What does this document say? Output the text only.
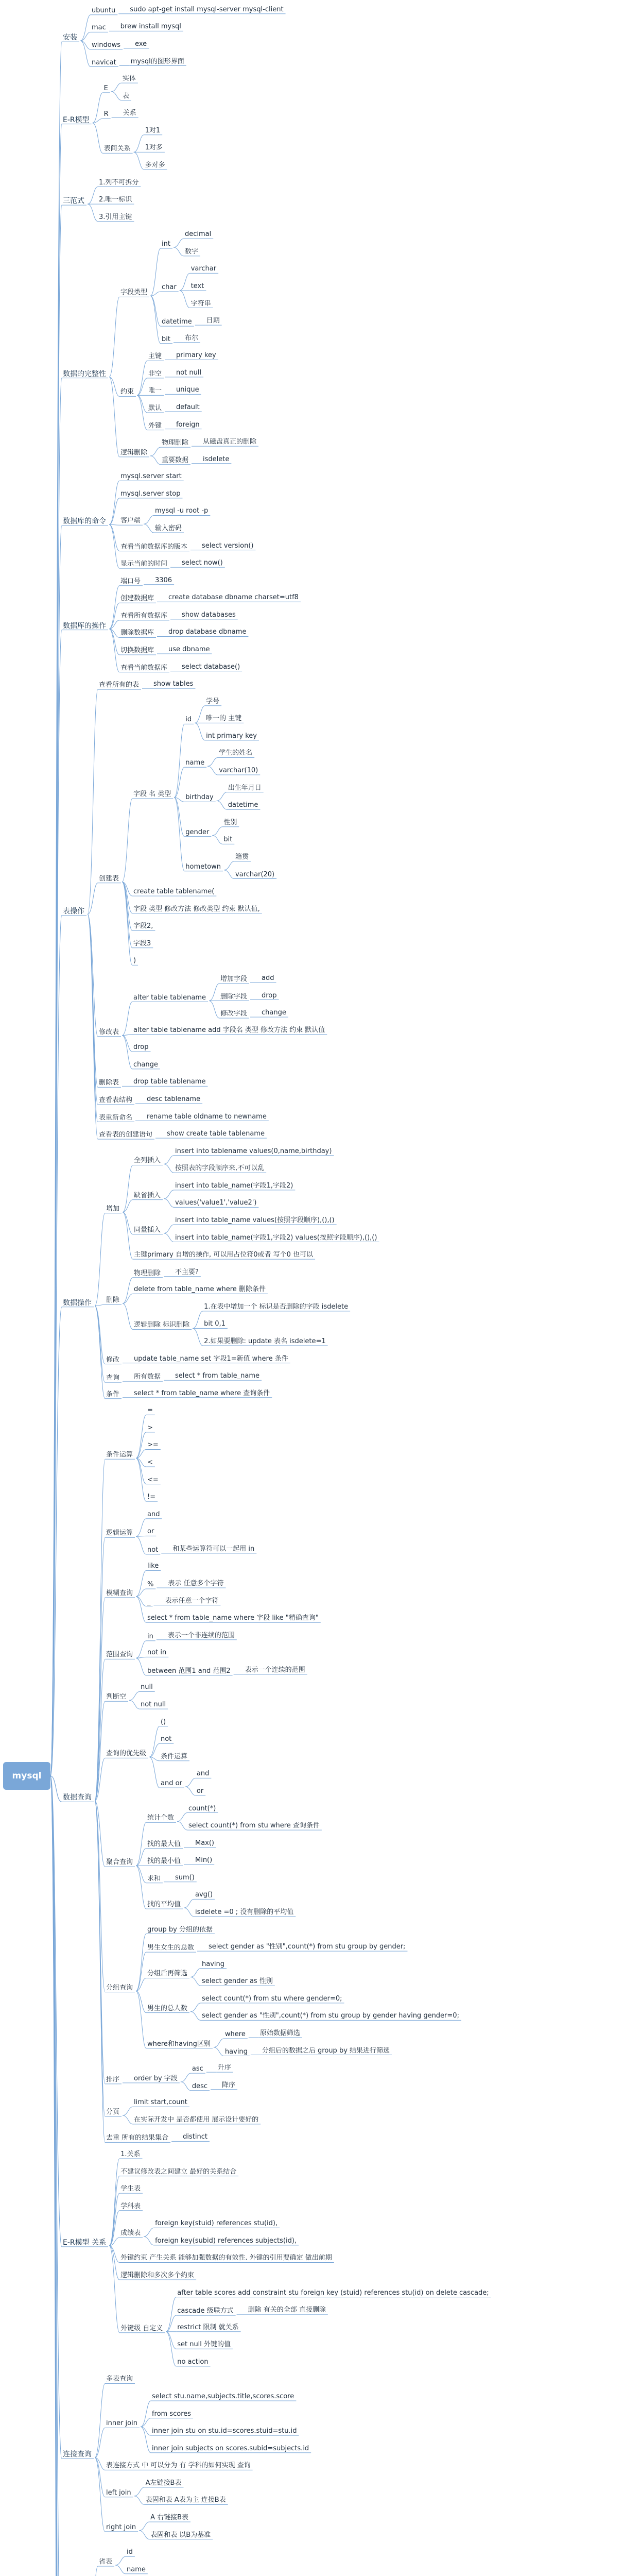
mysql
sudo apt-get install mysql-server mysql-client
ubuntu
brew install mysql
mac
exe
windows
mysql的图形界面
navicat
安装
实体
表
E
关系
R
1对1
1对多
多对多
表间关系
E-R模型
1.列不可拆分
2.唯一标识
3.引用主键
三范式
decimal
数字
int
varchar
text
字符串
char
日期
datetime
布尔
bit
字段类型
primary key
主键
not null
非空
unique
唯一
default
默认
foreign
外键
约束
从磁盘真正的删除
物理删除
isdelete
重要数据
逻辑删除
数据的完整性
mysql.server start
mysql.server stop
mysql -u root -p
输入密码
客户端
select version()
查看当前数据库的版本
select now()
显示当前的时间
数据库的命令
3306
端口号
create database dbname charset=utf8
创建数据库
show databases
查看所有数据库
drop database dbname
删除数据库
use dbname
切换数据库
select database()
查看当前数据库
数据库的操作
show tables
查看所有的表
学号
唯一的 主键
int primary key
id
学生的姓名
varchar(10)
name
出生年月日
datetime
birthday
性别
bit
gender
籍贯
varchar(20)
hometown
字段 名 类型
create table tablename(
字段 类型 修改方法 修改类型 约束 默认值,
字段2,
字段3
)
创建表
add
增加字段
drop
删除字段
change
修改字段
alter table tablename
alter table tablename add 字段名 类型 修改方法 约束 默认值
drop
change
修改表
drop table tablename
删除表
desc tablename
查看表结构
rename table oldname to newname
表重新命名
show create table tablename
查看表的创建语句
表操作
insert into tablename values(0,name,birthday)
按照表的字段顺序来,不可以乱
全列插入
insert into table_name(字段1,字段2)
values('value1','value2')
缺省插入
insert into table_name values(按照字段顺序),(),()
insert into table_name(字段1,字段2) values(按照字段顺序),(),()
同量插入
主键primary 自增的操作, 可以用占位符0或者 写个0 也可以
增加
不主要?
物理删除
delete from table_name where 删除条件
1.在表中增加一个 标识是否删除的字段 isdelete
bit 0,1
2.如果要删除: update 表名 isdelete=1
逻辑删除 标识删除
删除
update table_name set 字段1=新值 where 条件
修改
select * from table_name
所有数据
查询
select * from table_name where 查询条件
条件
数据操作
=
>
>=
<
<=
!=
条件运算
and
or
和某些运算符可以一起用 in
not
逻辑运算
like
表示 任意多个字符
%
表示任意一个字符
_
select * from table_name where 字段 like "精确查询"
模糊查询
表示一个非连续的范围
in
not in
表示一个连续的范围
between 范围1 and 范围2
范围查询
null
not null
判断空
()
not
条件运算
and
or
and or
查询的优先级
count(*)
select count(*) from stu where 查询条件
统计个数
Max()
找的最大值
Min()
找的最小值
sum()
求和
avg()
isdelete =0 ; 没有删除的平均值
找的平均值
聚合查询
group by 分组的依据
select gender as "性别",count(*) from stu group by gender;
男生女生的总数
having
select gender as 性别
分组后再筛选
select count(*) from stu where gender=0;
select gender as "性别",count(*) from stu group by gender having gender=0;
男生的总人数
原始数据筛选
where
分组后的数据之后 group by 结果进行筛选
having
where和having区别
分组查询
升序
asc
降序
desc
order by 字段
排序
limit start,count
在实际开发中 是否都使用 展示设计要好的
分页
distinct
去重 所有的结果集合
数据查询
1.关系
不建议修改表之间建立 最好的关系结合
学生表
学科表
foreign key(stuid) references stu(id),
foreign key(subid) references subjects(id),
成绩表
外键约束 产生关系 能够加强数据的有效性. 外键的引用要确定 做出前期
逻辑删除和多次多个约束
after table scores add constraint stu foreign key (stuid) references stu(id) on delete cascade;
删除 有关的全部 直接删除
cascade 级联方式
restrict 限制 就关系
set null 外键的值
no action
外键级 自定义
E-R模型 关系
多表查询
select stu.name,subjects.title,scores.score
from scores
inner join stu on stu.id=scores.stuid=stu.id
inner join subjects on scores.subid=subjects.id
inner join
表连接方式 中 可以分为 有 学科的如何实现 查询
A左链接B表
表固和表 A表为主 连接B表
left join
A 右链接B表
表固和表 以B为基准
right join
连接查询
id
name
省表
